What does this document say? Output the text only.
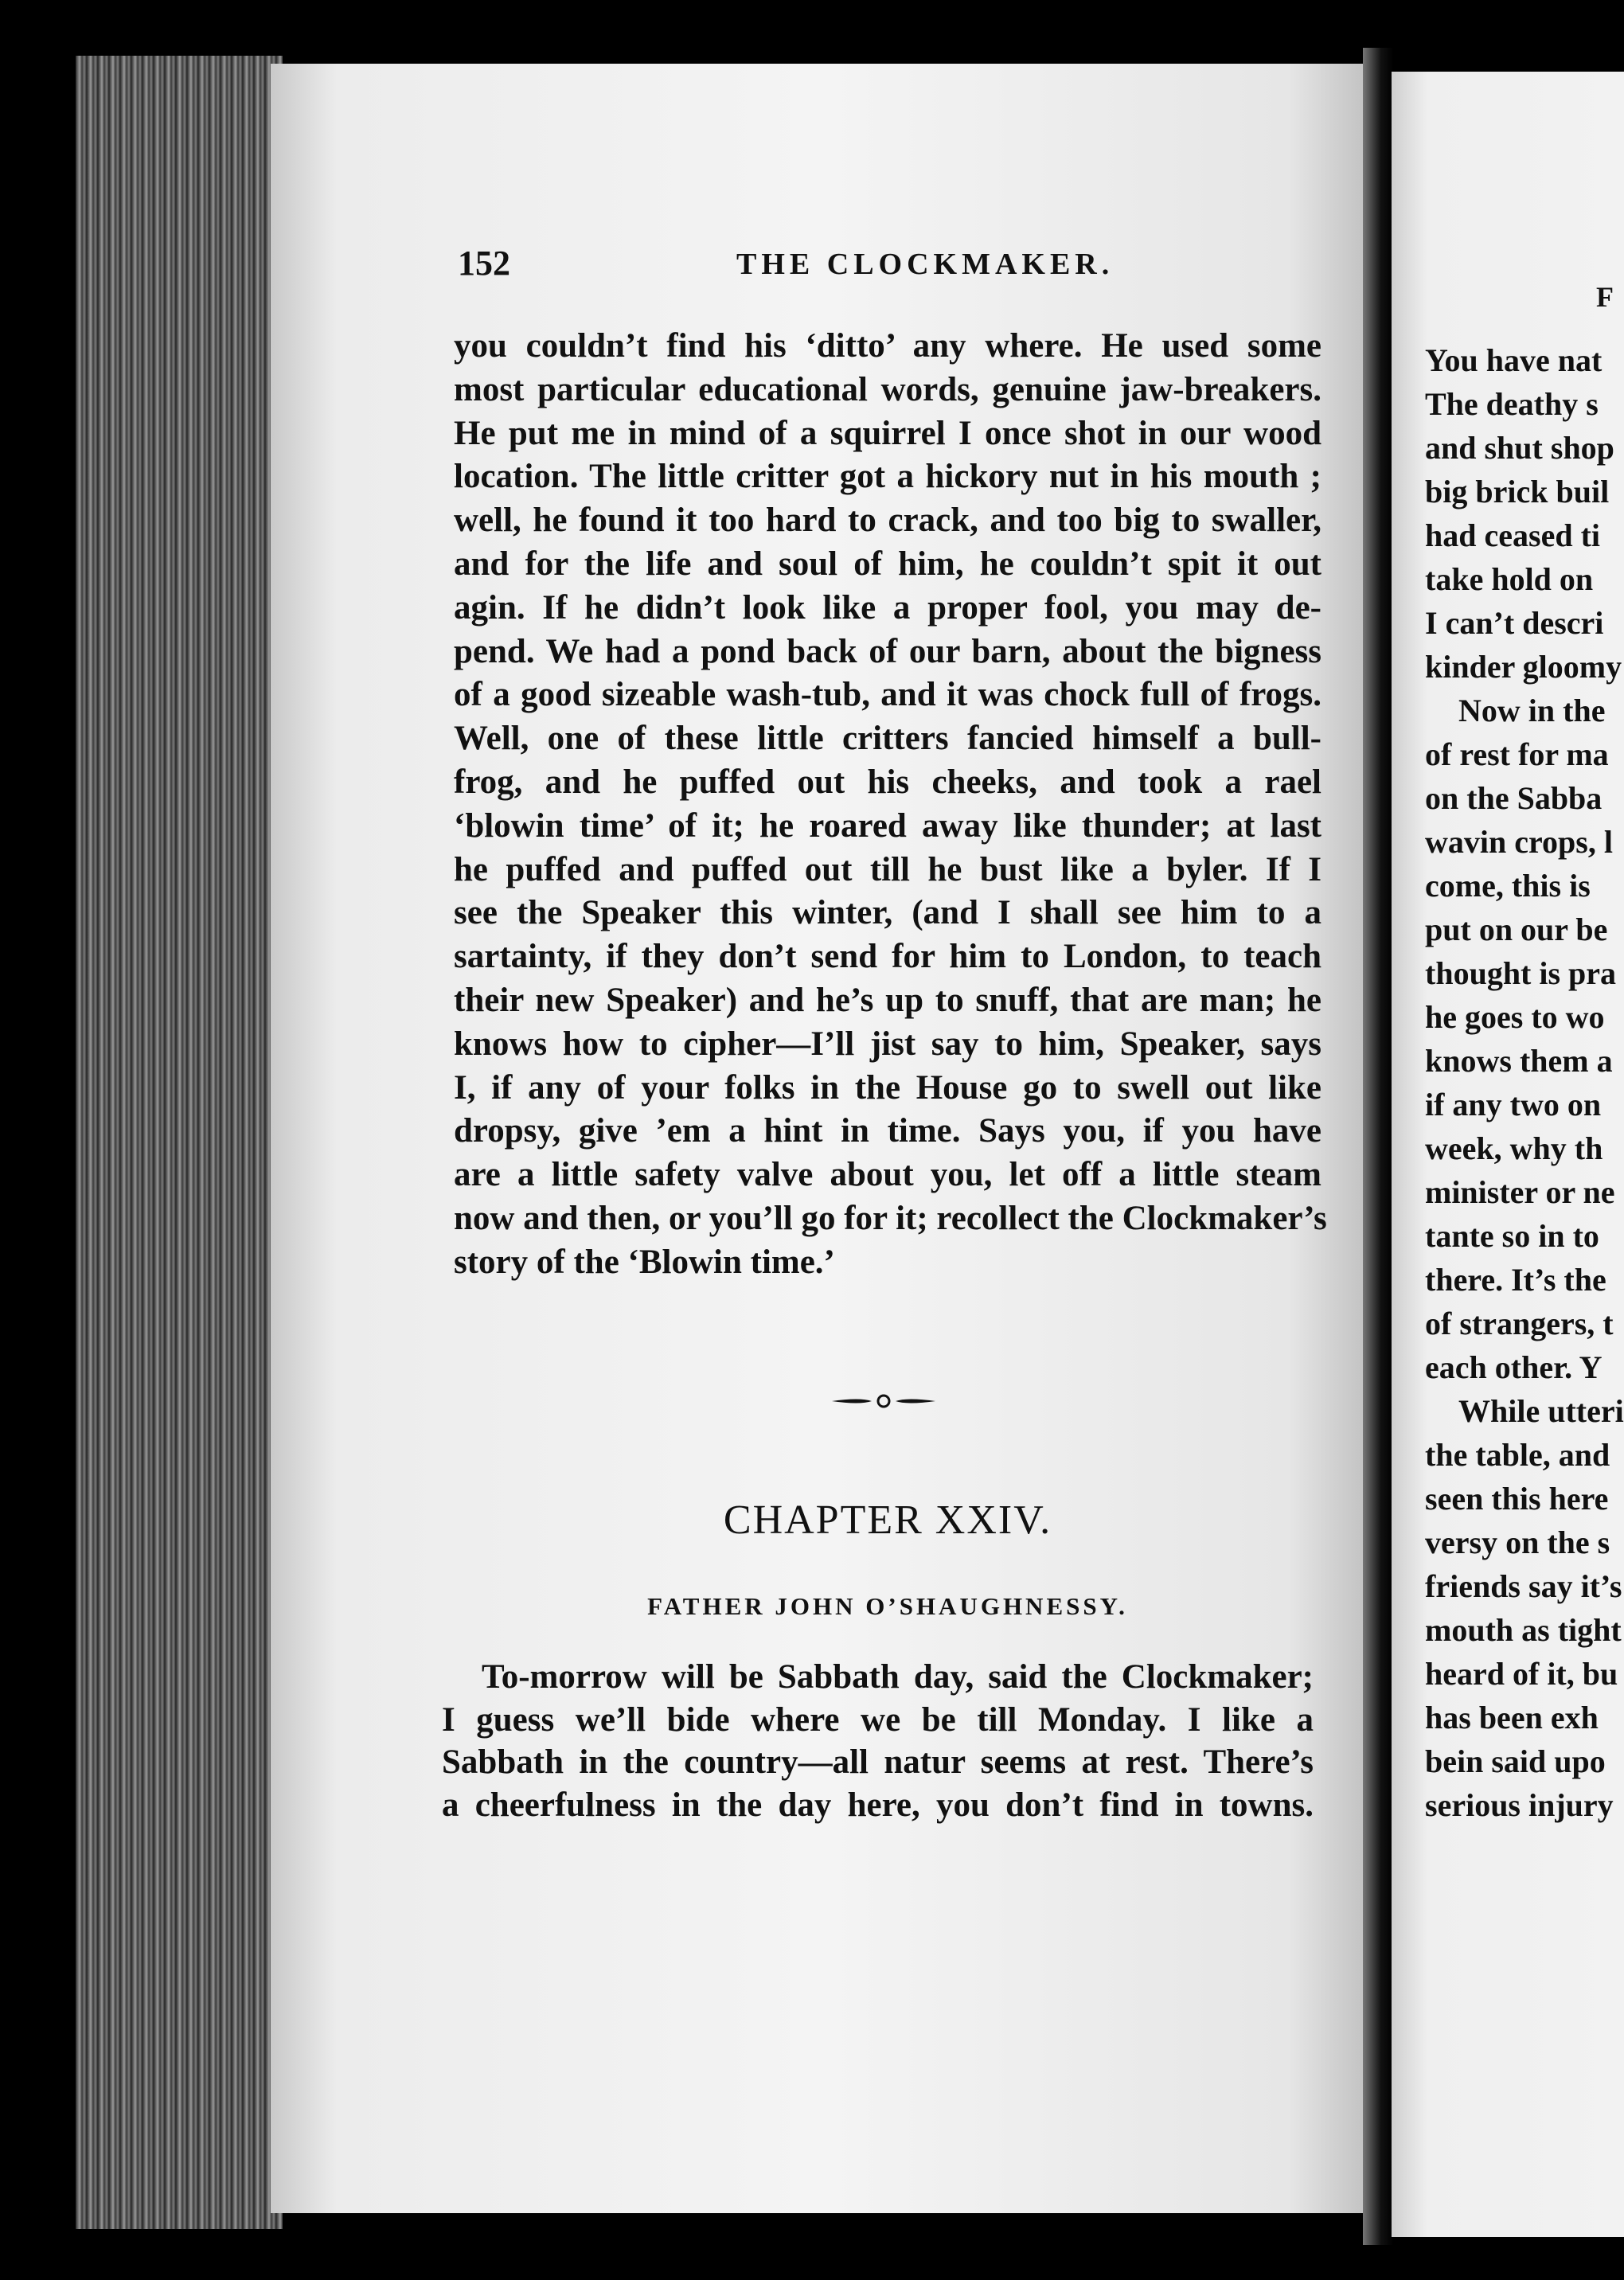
152	THE CLOCKMAKER.
you couldn’t find his ‘ditto’ any where. He used some
most particular educational words, genuine jaw-breakers.
He put me in mind of a squirrel I once shot in our wood
location. The little critter got a hickory nut in his mouth ;
well, he found it too hard to crack, and too big to swaller,
and for the life and soul of him, he couldn’t spit it out
agin. If he didn’t look like a proper fool, you may de-
pend. We had a pond back of our barn, about the bigness
of a good sizeable wash-tub, and it was chock full of frogs.
Well, one of these little critters fancied himself a bull-
frog, and he puffed out his cheeks, and took a rael
‘blowin time’ of it; he roared away like thunder; at last
he puffed and puffed out till he bust like a byler. If I
see the Speaker this winter, (and I shall see him to a
sartainty, if they don’t send for him to London, to teach
their new Speaker) and he’s up to snuff, that are man; he
knows how to cipher—I’ll jist say to him, Speaker, says
I, if any of your folks in the House go to swell out like
dropsy, give ’em a hint in time. Says you, if you have
are a little safety valve about you, let off a little steam
now and then, or you’ll go for it; recollect the Clockmaker’s
story of the ‘Blowin time.’
CHAPTER XXIV.
FATHER JOHN O’SHAUGHNESSY.
To-morrow will be Sabbath day, said the Clockmaker;
I guess we’ll bide where we be till Monday. I like a
Sabbath in the country—all natur seems at rest. There’s
a cheerfulness in the day here, you don’t find in towns.
F
You have nat
The deathy s
and shut shop
big brick buil
had ceased ti
take hold on
I can’t descri
kinder gloomy
Now in the
of rest for ma
on the Sabba
wavin crops, l
come, this is
put on our be
thought is pra
he goes to wo
knows them a
if any two on
week, why th
minister or ne
tante so in to
there. It’s the
of strangers, t
each other. Y
While utteri
the table, and
seen this here
versy on the s
friends say it’s
mouth as tight
heard of it, bu
has been exh
bein said upo
serious injury
